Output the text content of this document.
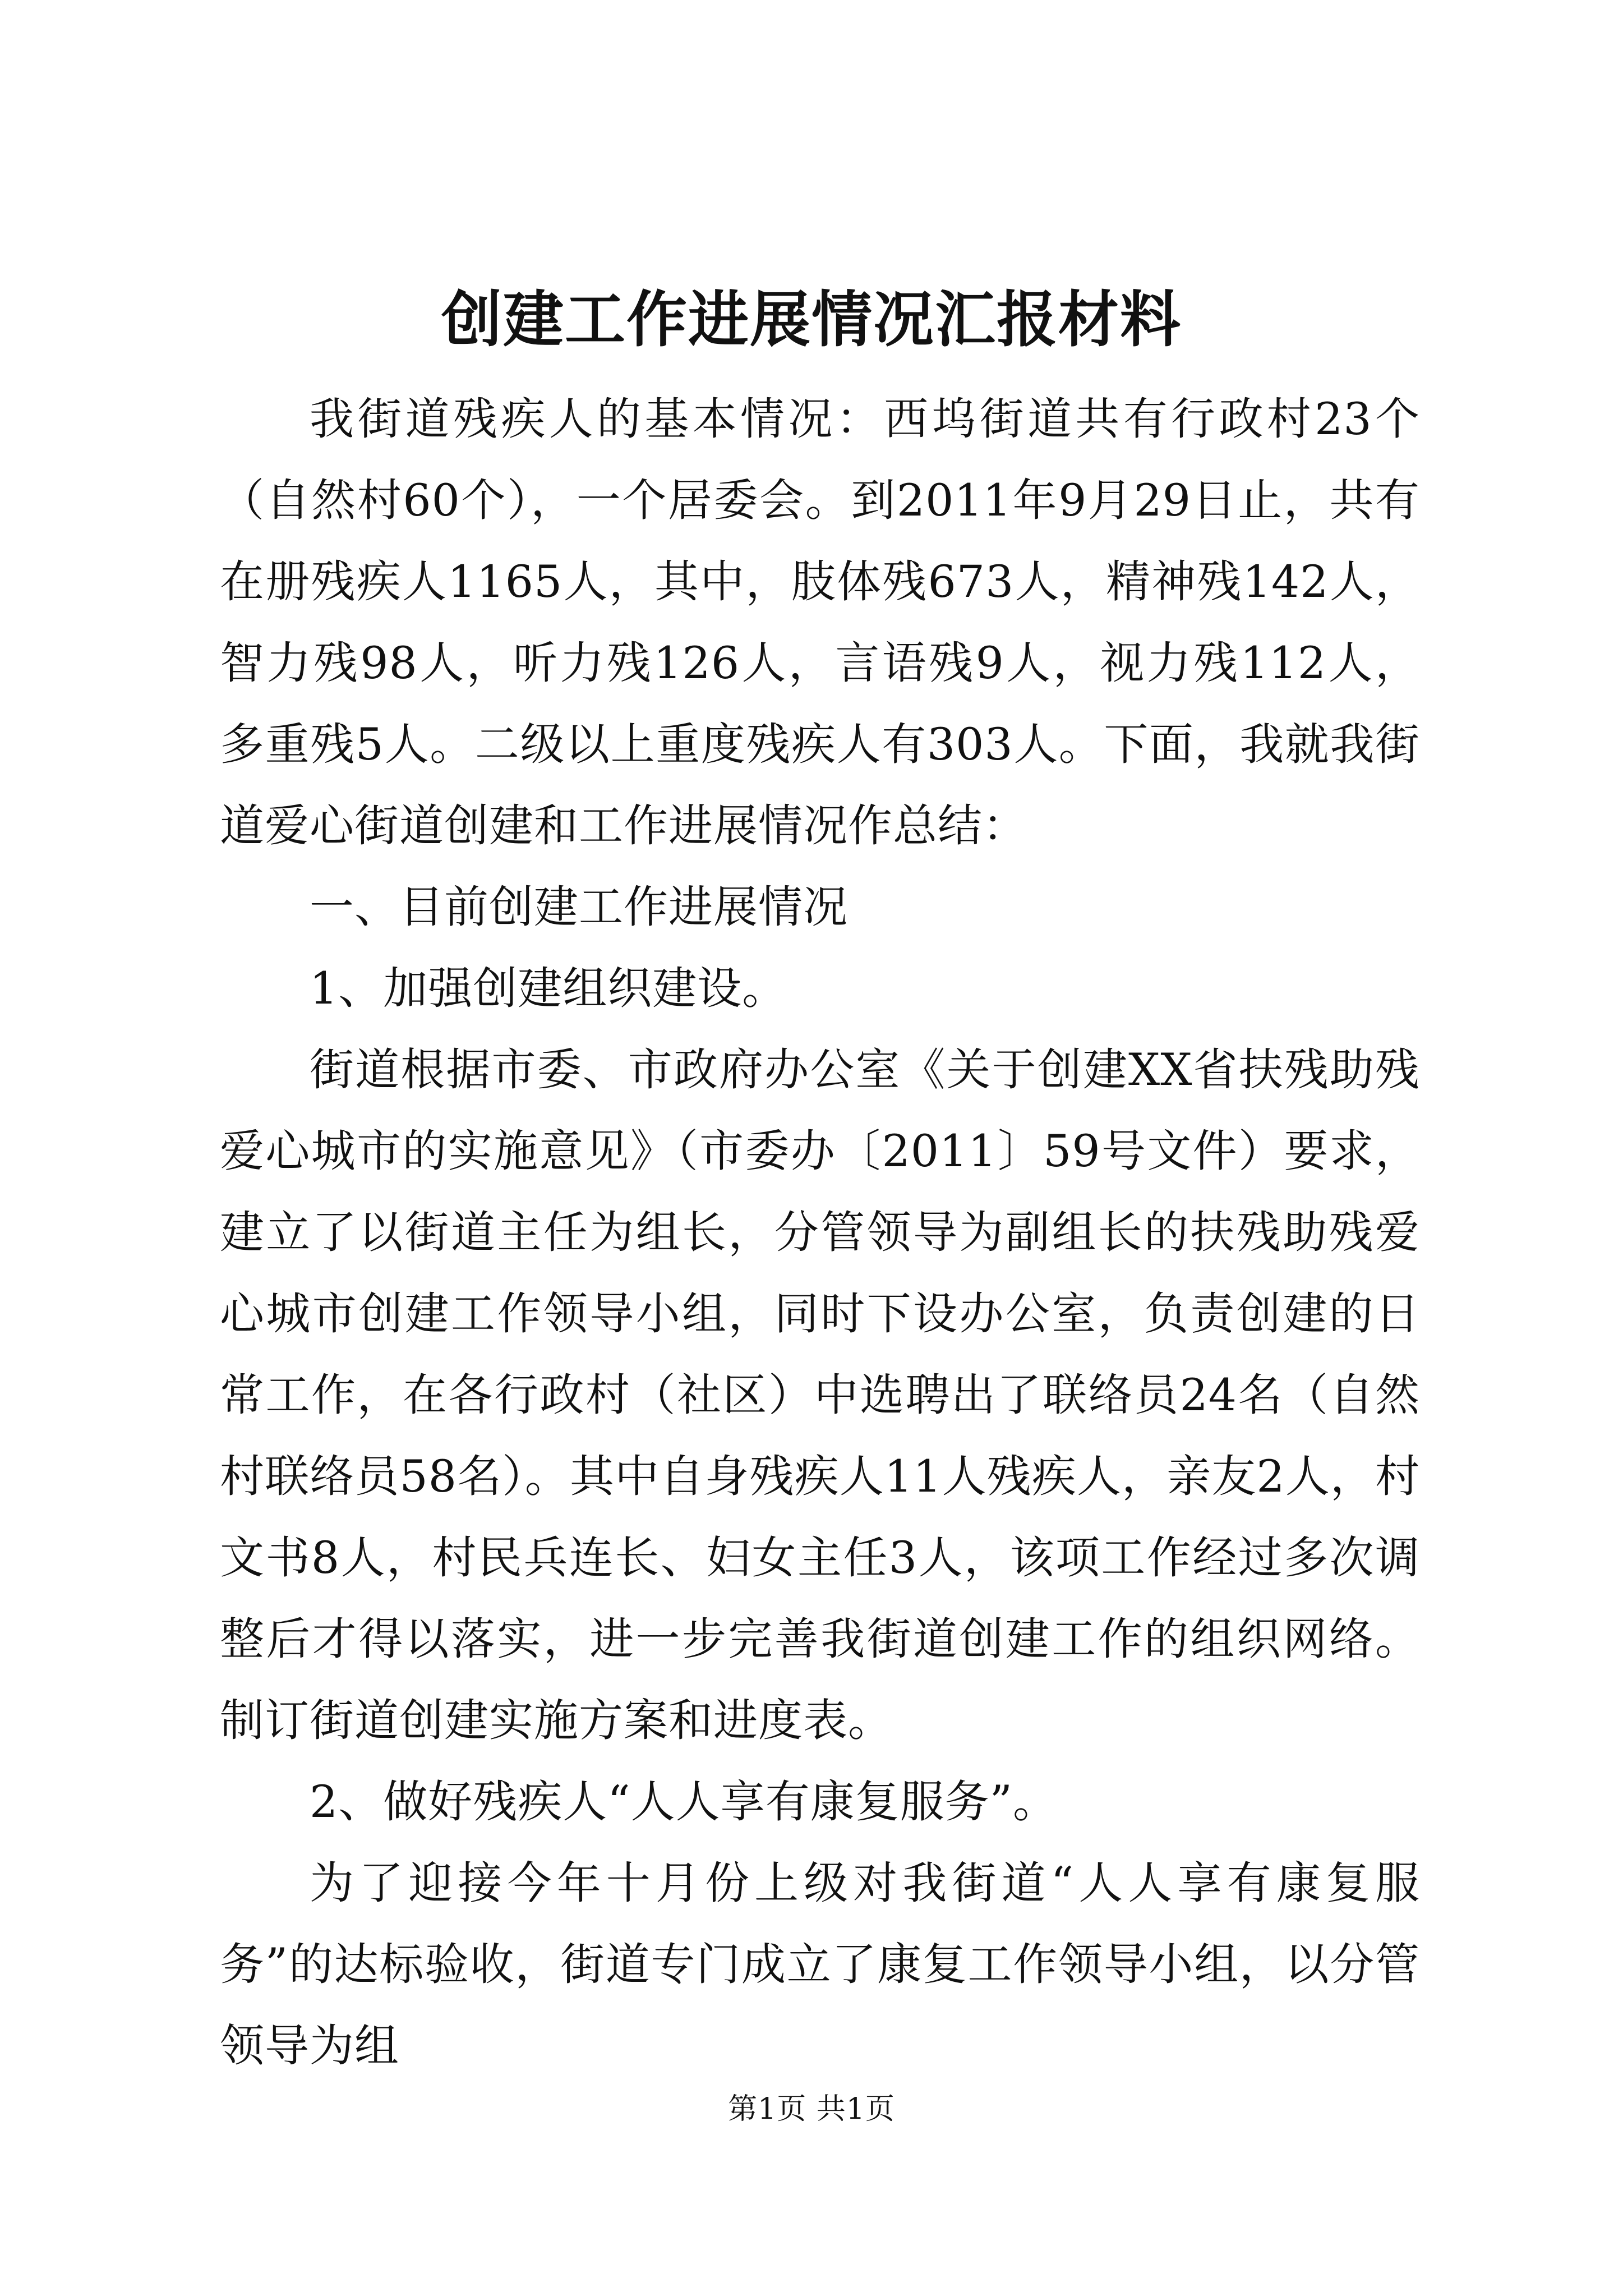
创建工作进展情况汇报材料

我街道残疾人的基本情况：西坞街道共有行政村23个（自然村60个），一个居委会。到2011年9月29日止，共有在册残疾人1165人，其中，肢体残673人，精神残142人，智力残98人，听力残126人，言语残9人，视力残112人，多重残5人。二级以上重度残疾人有303人。下面，我就我街道爱心街道创建和工作进展情况作总结：

一、目前创建工作进展情况

1、加强创建组织建设。

街道根据市委、市政府办公室《关于创建XX省扶残助残爱心城市的实施意见》（市委办〔2011〕59号文件）要求，建立了以街道主任为组长，分管领导为副组长的扶残助残爱心城市创建工作领导小组，同时下设办公室，负责创建的日常工作，在各行政村（社区）中选聘出了联络员24名（自然村联络员58名）。其中自身残疾人11人残疾人，亲友2人，村文书8人，村民兵连长、妇女主任3人，该项工作经过多次调整后才得以落实，进一步完善我街道创建工作的组织网络。制订街道创建实施方案和进度表。

2、做好残疾人“人人享有康复服务”。

为了迎接今年十月份上级对我街道“人人享有康复服务”的达标验收，街道专门成立了康复工作领导小组，以分管领导为组

第1页 共1页
